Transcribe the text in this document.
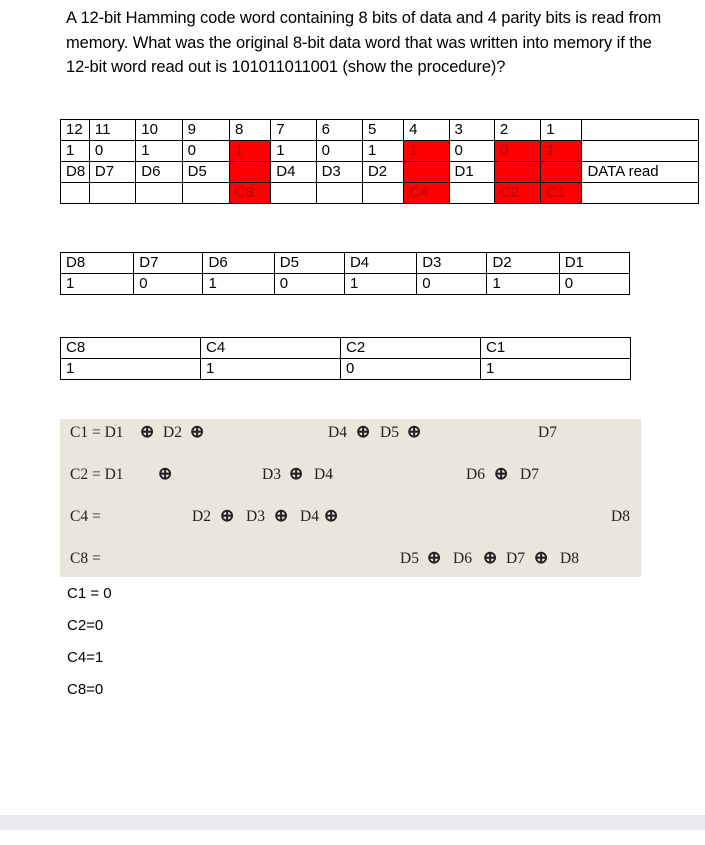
A 12-bit Hamming code word containing 8 bits of data and 4 parity bits is read from memory. What was the original 8-bit data word that was written into memory if the 12-bit word read out is 101011011001 (show the procedure)?
12	11	10	9	8	7	6	5	4	3	2	1	
1	0	1	0	1	1	0	1	1	0	0	1	
D8	D7	D6	D5		D4	D3	D2		D1			DATA read
				C8				C4		C2	C1	
D8	D7	D6	D5	D4	D3	D2	D1
1	0	1	0	1	0	1	0
C8	C4	C2	C1
1	1	0	1
C1 = D1 ⊕ D2 ⊕	D4 ⊕ D5 ⊕	D7
C2 = D1 ⊕	D3 ⊕ D4	D6 ⊕ D7
C4 =	D2 ⊕ D3 ⊕ D4 ⊕	D8
C8 =	D5 ⊕ D6 ⊕ D7 ⊕ D8
C1 = 0
C2=0
C4=1
C8=0
